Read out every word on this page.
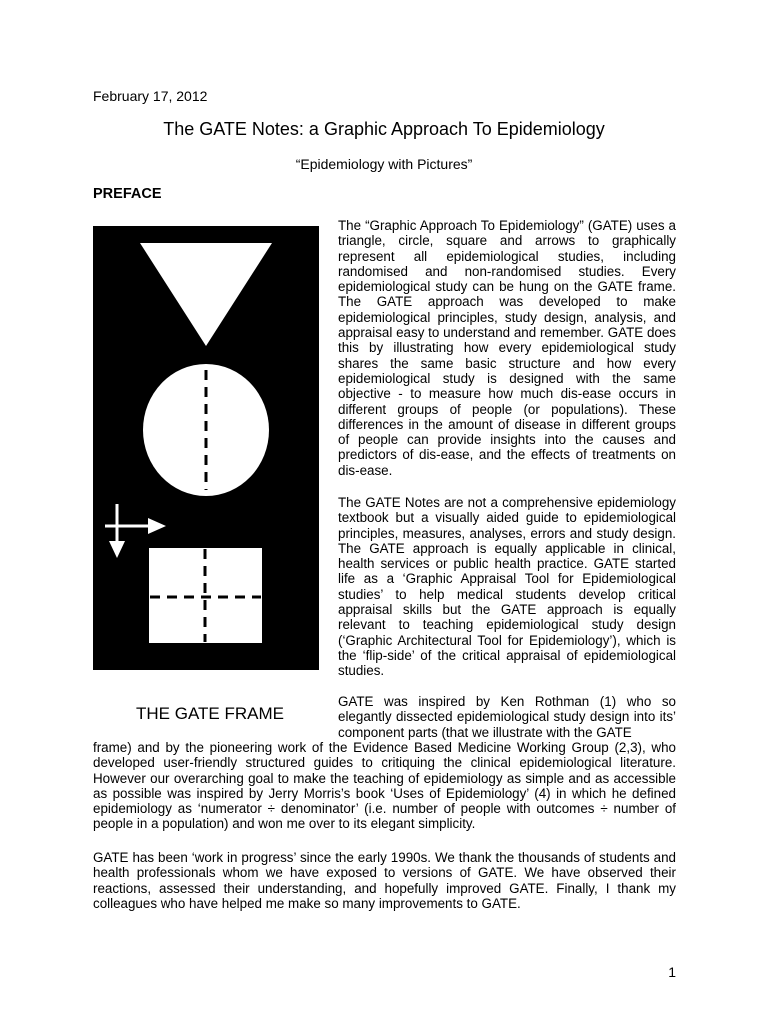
February 17, 2012
The GATE Notes: a Graphic Approach To Epidemiology
“Epidemiology with Pictures”
PREFACE
THE GATE FRAME

The “Graphic Approach To Epidemiology” (GATE) uses a triangle, circle, square and arrows to graphically represent all epidemiological studies, including randomised and non-randomised studies. Every epidemiological study can be hung on the GATE frame. The GATE approach was developed to make epidemiological principles, study design, analysis, and appraisal easy to understand and remember. GATE does this by illustrating how every epidemiological study shares the same basic structure and how every epidemiological study is designed with the same objective - to measure how much dis-ease occurs in different groups of people (or populations). These differences in the amount of disease in different groups of people can provide insights into the causes and predictors of dis-ease, and the effects of treatments on dis-ease.

The GATE Notes are not a comprehensive epidemiology textbook but a visually aided guide to epidemiological principles, measures, analyses, errors and study design. The GATE approach is equally applicable in clinical, health services or public health practice. GATE started life as a ‘Graphic Appraisal Tool for Epidemiological studies’ to help medical students develop critical appraisal skills but the GATE approach is equally relevant to teaching epidemiological study design (‘Graphic Architectural Tool for Epidemiology’), which is the ‘flip-side’ of the critical appraisal of epidemiological studies.

GATE was inspired by Ken Rothman (1) who so elegantly dissected epidemiological study design into its’ component parts (that we illustrate with the GATE

frame) and by the pioneering work of the Evidence Based Medicine Working Group (2,3), who developed user-friendly structured guides to critiquing the clinical epidemiological literature. However our overarching goal to make the teaching of epidemiology as simple and as accessible as possible was inspired by Jerry Morris’s book ‘Uses of Epidemiology’ (4) in which he defined epidemiology as ‘numerator ÷ denominator’ (i.e. number of people with outcomes ÷ number of people in a population) and won me over to its elegant simplicity.

GATE has been ‘work in progress’ since the early 1990s. We thank the thousands of students and health professionals whom we have exposed to versions of GATE. We have observed their reactions, assessed their understanding, and hopefully improved GATE. Finally, I thank my colleagues who have helped me make so many improvements to GATE.

1
